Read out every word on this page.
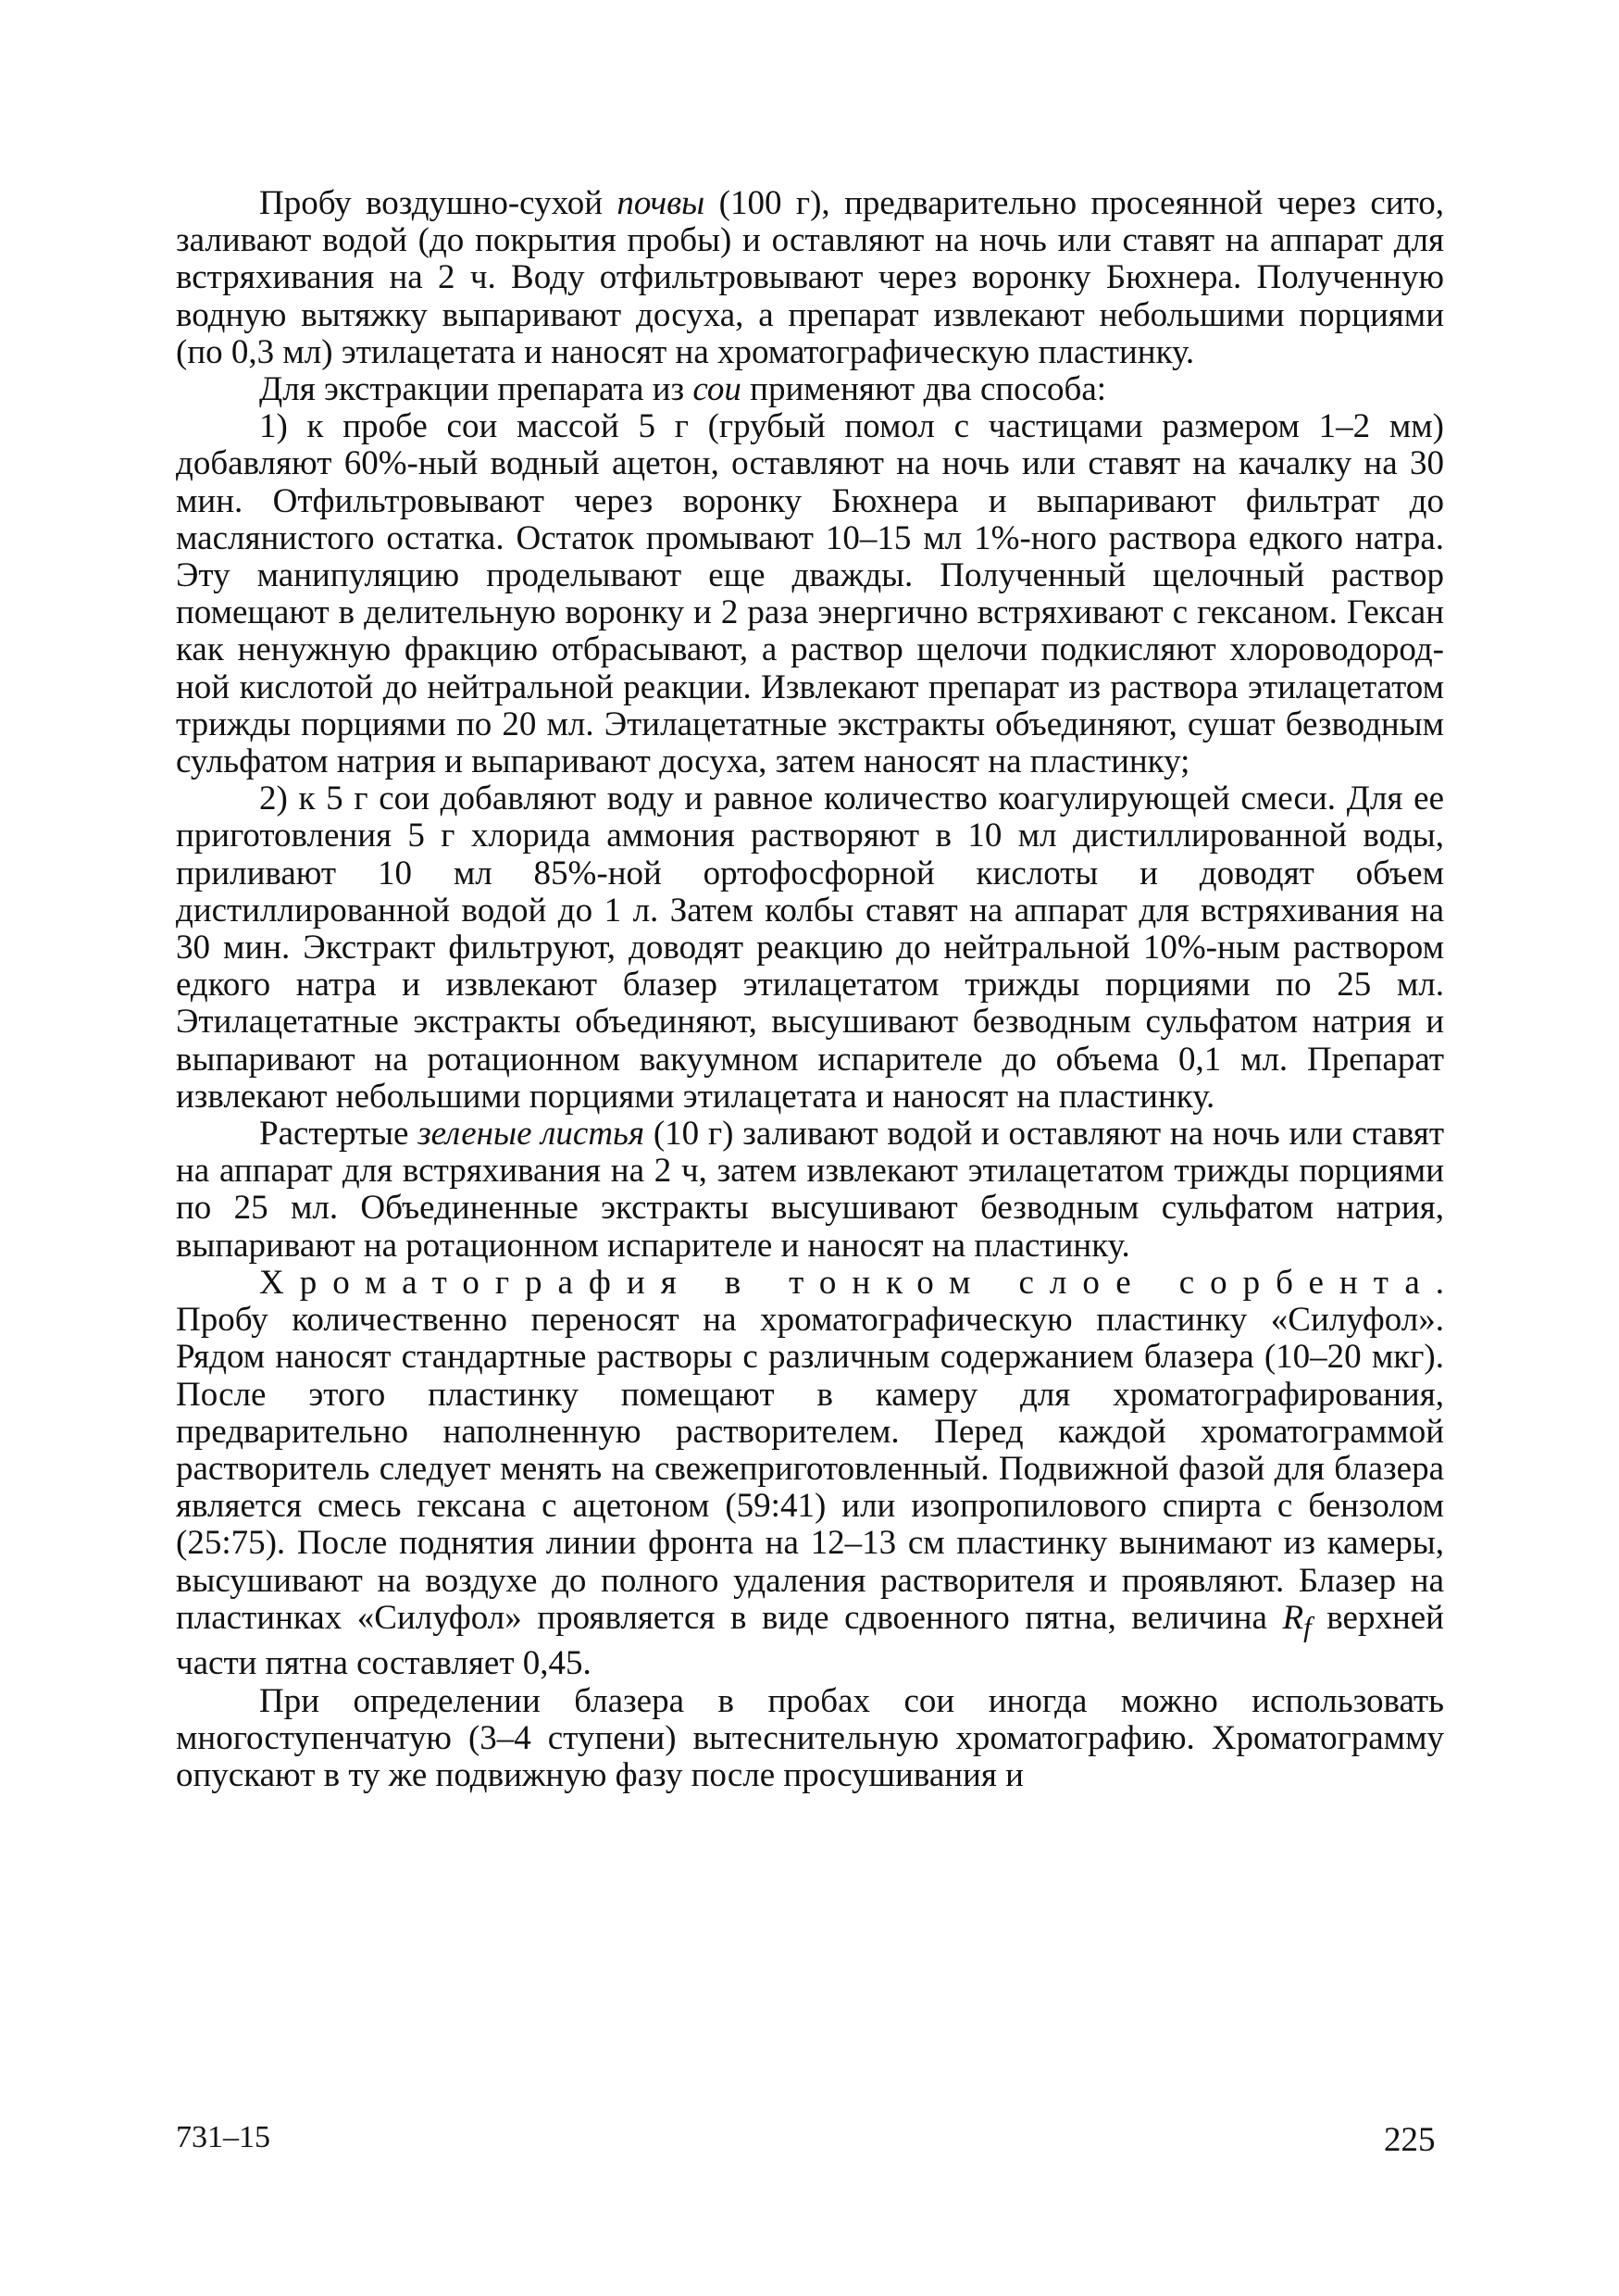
Пробу воздушно-сухой почвы (100 г), предварительно просеянной через сито, заливают водой (до покрытия пробы) и оставляют на ночь или ставят на аппарат для встряхивания на 2 ч. Воду отфильтровывают через воронку Бюхнера. Полученную водную вытяжку выпаривают досуха, а препарат извлекают небольшими порциями (по 0,3 мл) этилацетата и наносят на хроматографическую пластинку.

Для экстракции препарата из сои применяют два способа:

1) к пробе сои массой 5 г (грубый помол с частицами размером 1–2 мм) добавляют 60%-ный водный ацетон, оставляют на ночь или ставят на качалку на 30 мин. Отфильтровывают через воронку Бюхнера и выпаривают фильтрат до маслянистого остатка. Остаток промывают 10–15 мл 1%-ного раствора едкого натра. Эту манипуляцию проделывают еще дважды. Полученный щелочный раствор помещают в делительную воронку и 2 раза энергично встряхивают с гексаном. Гексан как ненужную фракцию отбрасывают, а раствор щелочи подкисляют хлороводородной кислотой до нейтральной реакции. Извлекают препарат из раствора этилацетатом трижды порциями по 20 мл. Этилацетатные экстракты объединяют, сушат безводным сульфатом натрия и выпаривают досуха, затем наносят на пластинку;

2) к 5 г сои добавляют воду и равное количество коагулирующей смеси. Для ее приготовления 5 г хлорида аммония растворяют в 10 мл дистиллированной воды, приливают 10 мл 85%-ной ортофосфорной кислоты и доводят объем дистиллированной водой до 1 л. Затем колбы ставят на аппарат для встряхивания на 30 мин. Экстракт фильтруют, доводят реакцию до нейтральной 10%-ным раствором едкого натра и извлекают блазер этилацетатом трижды порциями по 25 мл. Этилацетатные экстракты объединяют, высушивают безводным сульфатом натрия и выпаривают на ротационном вакуумном испарителе до объема 0,1 мл. Препарат извлекают небольшими порциями этилацетата и наносят на пластинку.

Растертые зеленые листья (10 г) заливают водой и оставляют на ночь или ставят на аппарат для встряхивания на 2 ч, затем извлекают этилацетатом трижды порциями по 25 мл. Объединенные экстракты высушивают безводным сульфатом натрия, выпаривают на ротационном испарителе и наносят на пластинку.

Хроматография в тонком слое сорбента. Пробу количественно переносят на хроматографическую пластинку «Силуфол». Рядом наносят стандартные растворы с различным содержанием блазера (10–20 мкг). После этого пластинку помещают в камеру для хроматографирования, предварительно наполненную растворителем. Перед каждой хроматограммой растворитель следует менять на свежеприготовленный. Подвижной фазой для блазера является смесь гексана с ацетоном (59:41) или изопропилового спирта с бензолом (25:75). После поднятия линии фронта на 12–13 см пластинку вынимают из камеры, высушивают на воздухе до полного удаления растворителя и проявляют. Блазер на пластинках «Силуфол» проявляется в виде сдвоенного пятна, величина $R_f$ верхней части пятна составляет 0,45.

При определении блазера в пробах сои иногда можно использовать многоступенчатую (3–4 ступени) вытеснительную хроматографию. Хроматограмму опускают в ту же подвижную фазу после просушивания и

731–15	225
